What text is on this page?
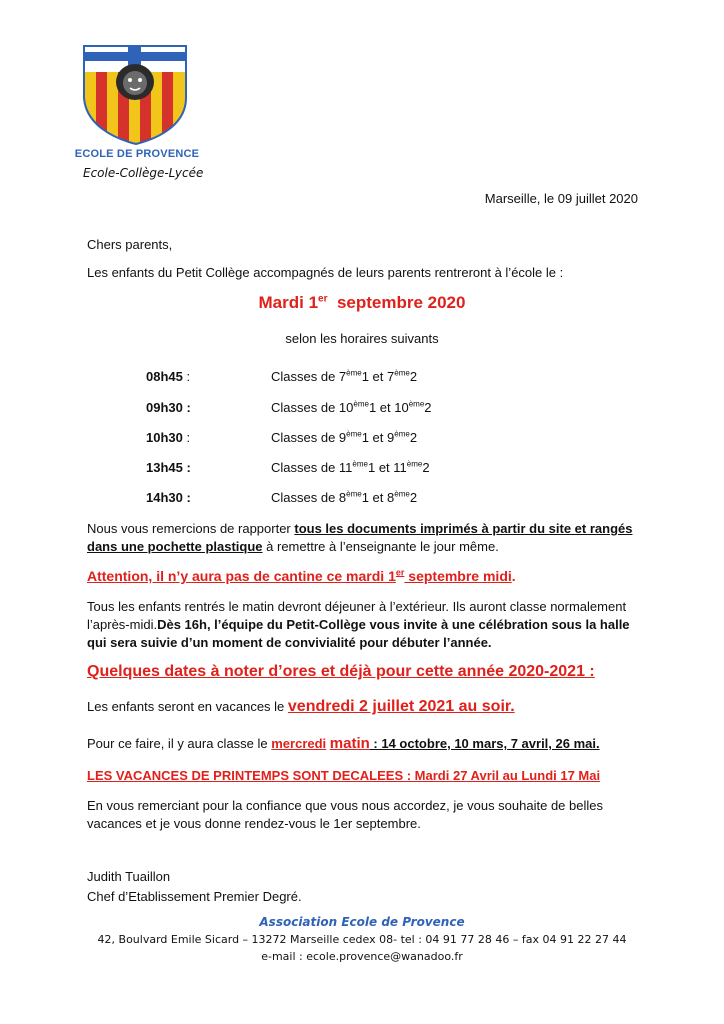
ECOLE DE PROVENCE
Ecole-Collège-Lycée
Marseille, le 09 juillet 2020
Chers parents,
Les enfants du Petit Collège accompagnés de leurs parents rentreront à l’école le :
Mardi 1er  septembre 2020
selon les horaires suivants
08h45 :	Classes de 7ème1 et 7ème2
09h30 :	Classes de 10ème1 et 10ème2
10h30 :	Classes de 9ème1 et 9ème2
13h45 :	Classes de 11ème1 et 11ème2
14h30 :	Classes de 8ème1 et 8ème2
Nous vous remercions de rapporter tous les documents imprimés à partir du site et rangés
dans une pochette plastique à remettre à l’enseignante le jour même.
Attention, il n’y aura pas de cantine ce mardi 1er septembre midi.
Tous les enfants rentrés le matin devront déjeuner à l’extérieur. Ils auront classe normalement
l’après-midi.Dès 16h, l’équipe du Petit-Collège vous invite à une célébration sous la halle
qui sera suivie d’un moment de convivialité pour débuter l’année.
Quelques dates à noter d’ores et déjà pour cette année 2020-2021 :
Les enfants seront en vacances le vendredi 2 juillet 2021 au soir.
Pour ce faire, il y aura classe le mercredi matin : 14 octobre, 10 mars, 7 avril, 26 mai.
LES VACANCES DE PRINTEMPS SONT DECALEES : Mardi 27 Avril au Lundi 17 Mai
En vous remerciant pour la confiance que vous nous accordez, je vous souhaite de belles
vacances et je vous donne rendez-vous le 1er septembre.
Judith Tuaillon
Chef d’Etablissement Premier Degré.
Association Ecole de Provence
42, Boulvard Emile Sicard – 13272 Marseille cedex 08- tel : 04 91 77 28 46 – fax 04 91 22 27 44
e-mail : ecole.provence@wanadoo.fr
